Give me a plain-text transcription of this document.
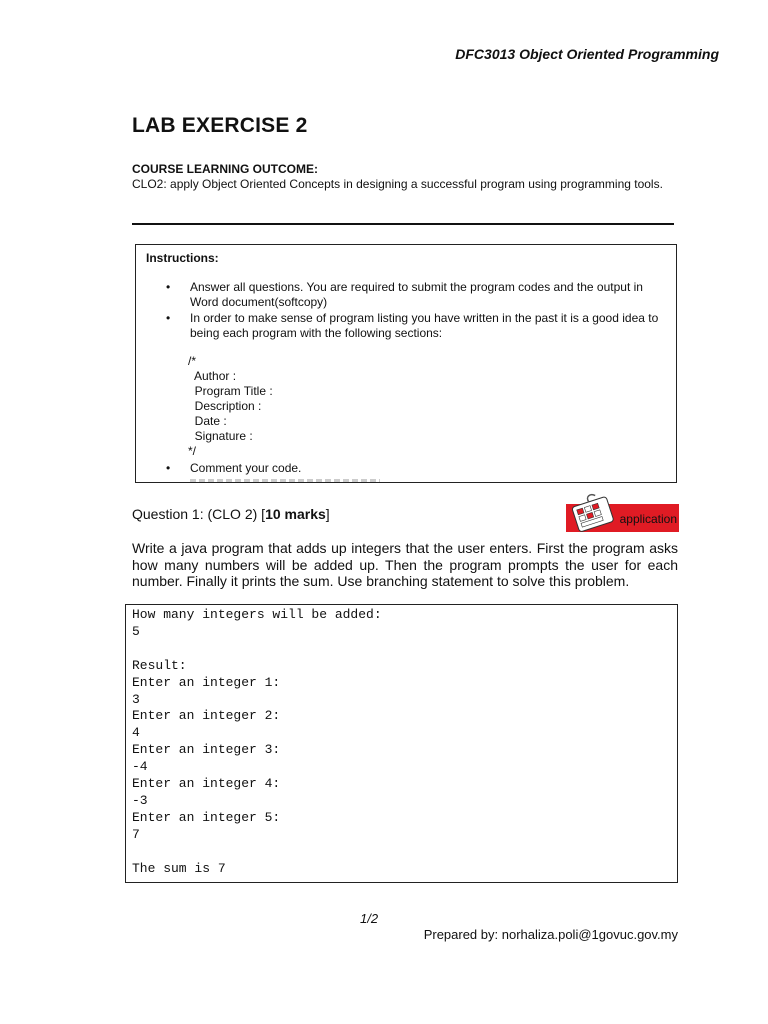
DFC3013 Object Oriented Programming
LAB EXERCISE 2
COURSE LEARNING OUTCOME:
CLO2: apply Object Oriented Concepts in designing a successful program using programming tools.
Instructions:
•	Answer all questions. You are required to submit the program codes and the output in Word document(softcopy)
•	In order to make sense of program listing you have written in the past it is a good idea to being each program with the following sections:
/*
Author :
Program Title :
Description :
Date :
Signature :
*/
•	Comment your code.
Question 1: (CLO 2) [10 marks]	application
Write a java program that adds up integers that the user enters. First the program asks how many numbers will be added up. Then the program prompts the user for each number. Finally it prints the sum. Use branching statement to solve this problem.
How many integers will be added:
5

Result:
Enter an integer 1:
3
Enter an integer 2:
4
Enter an integer 3:
-4
Enter an integer 4:
-3
Enter an integer 5:
7

The sum is 7
1/2
Prepared by: norhaliza.poli@1govuc.gov.my
